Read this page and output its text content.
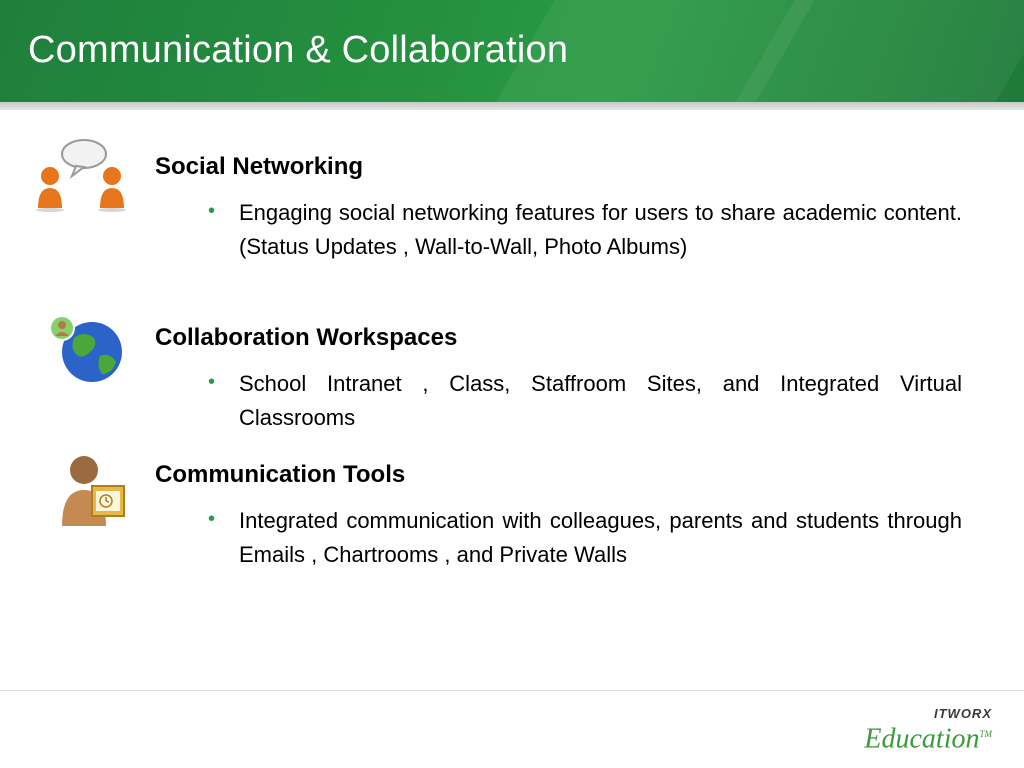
Communication & Collaboration
Social Networking
• Engaging social networking features for users to share academic content. (Status Updates , Wall-to-Wall, Photo Albums)
Collaboration Workspaces
• School Intranet , Class, Staffroom Sites, and Integrated Virtual Classrooms
Communication Tools
• Integrated communication with colleagues, parents and students through Emails , Chartrooms , and Private Walls
ITWORX
Education™
